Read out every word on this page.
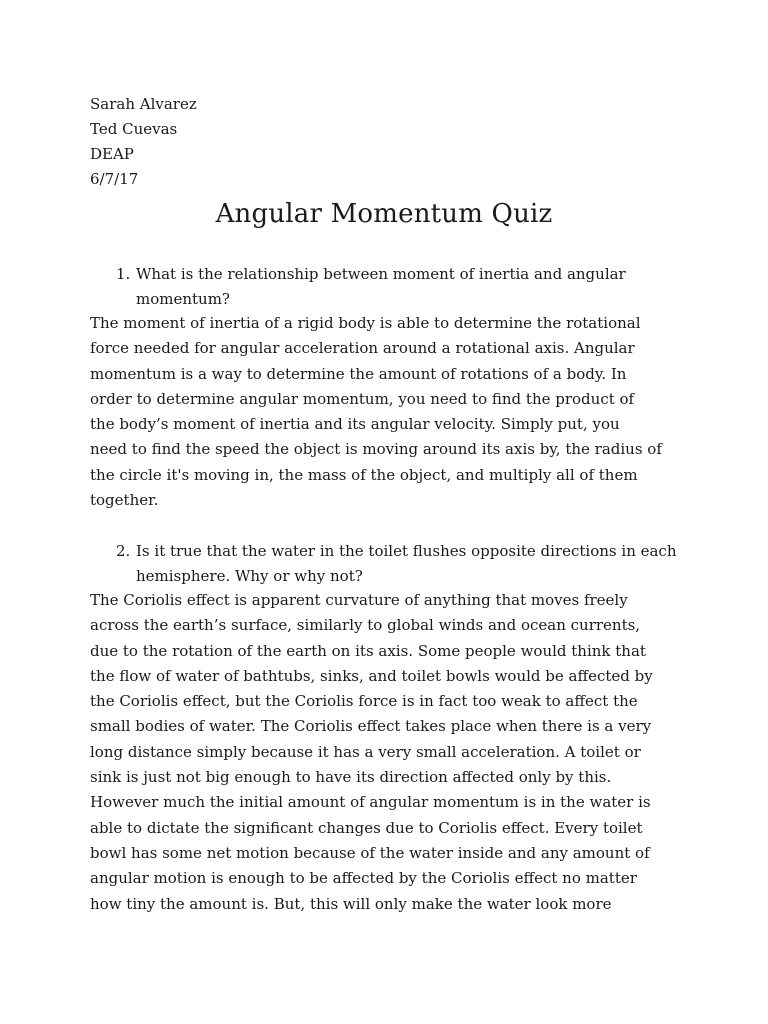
Sarah Alvarez
Ted Cuevas
DEAP
6/7/17
Angular Momentum Quiz
1. What is the relationship between moment of inertia and angular momentum?
The moment of inertia of a rigid body is able to determine the rotational
force needed for angular acceleration around a rotational axis. Angular
momentum is a way to determine the amount of rotations of a body. In
order to determine angular momentum, you need to find the product of
the body’s moment of inertia and its angular velocity. Simply put, you
need to find the speed the object is moving around its axis by, the radius of
the circle it's moving in, the mass of the object, and multiply all of them
together.
2. Is it true that the water in the toilet flushes opposite directions in each hemisphere. Why or why not?
The Coriolis effect is apparent curvature of anything that moves freely
across the earth’s surface, similarly to global winds and ocean currents,
due to the rotation of the earth on its axis. Some people would think that
the flow of water of bathtubs, sinks, and toilet bowls would be affected by
the Coriolis effect, but the Coriolis force is in fact too weak to affect the
small bodies of water. The Coriolis effect takes place when there is a very
long distance simply because it has a very small acceleration. A toilet or
sink is just not big enough to have its direction affected only by this.
However much the initial amount of angular momentum is in the water is
able to dictate the significant changes due to Coriolis effect. Every toilet
bowl has some net motion because of the water inside and any amount of
angular motion is enough to be affected by the Coriolis effect no matter
how tiny the amount is. But, this will only make the water look more
